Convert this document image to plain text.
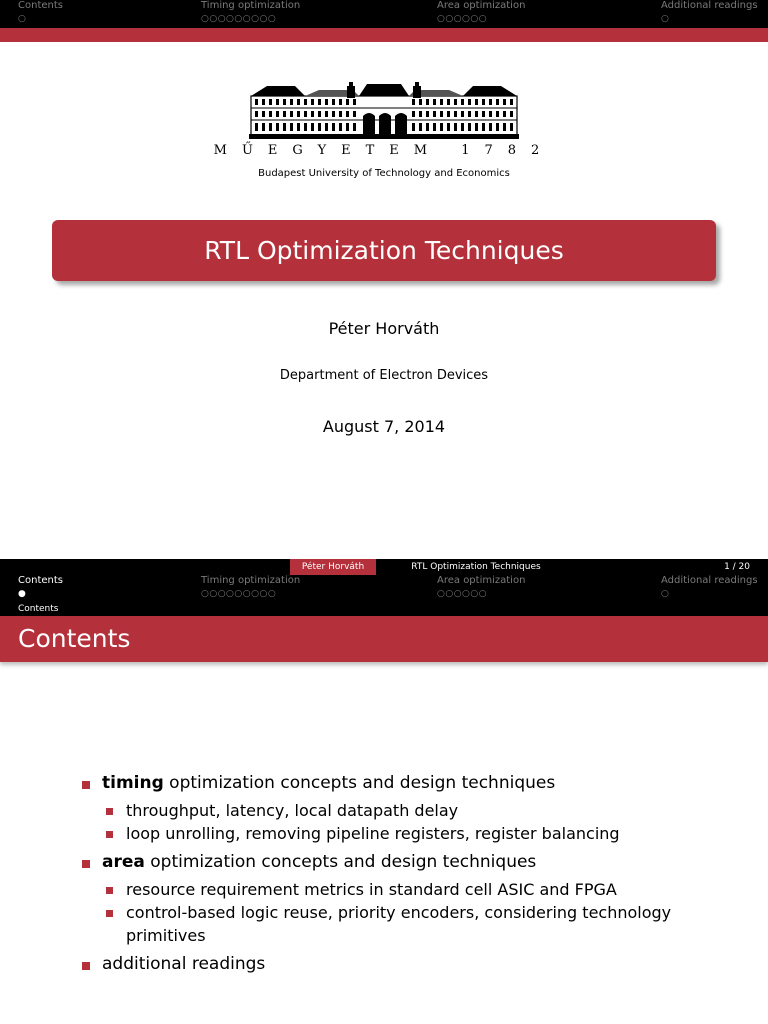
Contents
○
Timing optimization
○○○○○○○○○
Area optimization
○○○○○○
Additional readings
○
MŰEGYETEM 1782
Budapest University of Technology and Economics
RTL Optimization Techniques
Péter Horváth
Department of Electron Devices
August 7, 2014
Péter Horváth	RTL Optimization Techniques	1 / 20
Contents
●
Timing optimization
○○○○○○○○○
Area optimization
○○○○○○
Additional readings
○
Contents
Contents
timing optimization concepts and design techniques
throughput, latency, local datapath delay
loop unrolling, removing pipeline registers, register balancing
area optimization concepts and design techniques
resource requirement metrics in standard cell ASIC and FPGA
control-based logic reuse, priority encoders, considering technology primitives
additional readings
